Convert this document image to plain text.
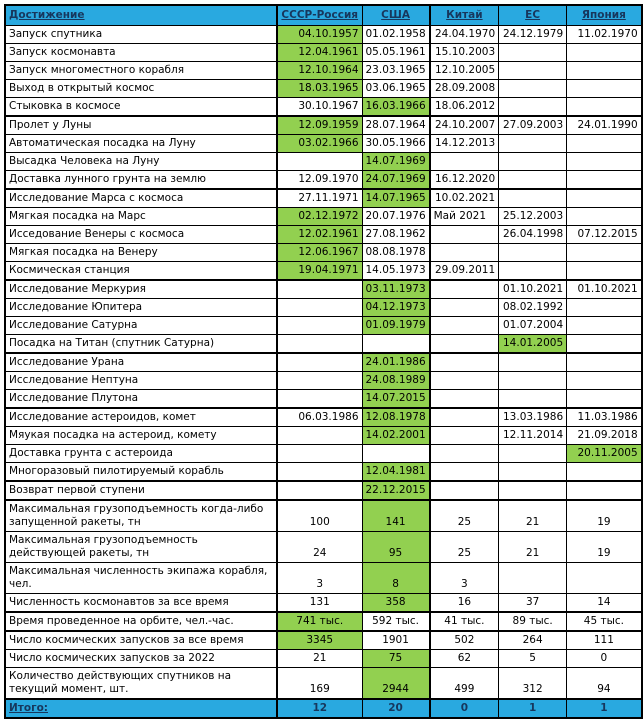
Достижение	СССР-Россия	США	Китай	ЕС	Япония
Запуск спутника	04.10.1957	01.02.1958	24.04.1970	24.12.1979	11.02.1970
Запуск космонавта	12.04.1961	05.05.1961	15.10.2003		
Запуск многоместного корабля	12.10.1964	23.03.1965	12.10.2005		
Выход в открытый космос	18.03.1965	03.06.1965	28.09.2008		
Стыковка в космосе	30.10.1967	16.03.1966	18.06.2012		
Пролет у Луны	12.09.1959	28.07.1964	24.10.2007	27.09.2003	24.01.1990
Автоматическая посадка на Луну	03.02.1966	30.05.1966	14.12.2013		
Высадка Человека на Луну		14.07.1969			
Доставка лунного грунта на землю	12.09.1970	24.07.1969	16.12.2020		
Исследование Марса с космоса	27.11.1971	14.07.1965	10.02.2021		
Мягкая посадка на Марс	02.12.1972	20.07.1976	Май 2021	25.12.2003	
Исседование Венеры с космоса	12.02.1961	27.08.1962		26.04.1998	07.12.2015
Мягкая посадка на Венеру	12.06.1967	08.08.1978			
Космическая станция	19.04.1971	14.05.1973	29.09.2011		
Исследование Меркурия		03.11.1973		01.10.2021	01.10.2021
Исследование Юпитера		04.12.1973		08.02.1992	
Исследование Сатурна		01.09.1979		01.07.2004	
Посадка на Титан (спутник Сатурна)				14.01.2005	
Исследование Урана		24.01.1986			
Исследование Нептуна		24.08.1989			
Исследование Плутона		14.07.2015			
Исследование астероидов, комет	06.03.1986	12.08.1978		13.03.1986	11.03.1986
Мяукая посадка на астероид, комету		14.02.2001		12.11.2014	21.09.2018
Доставка грунта с астероида					20.11.2005
Многоразовый пилотируемый корабль		12.04.1981			
Возврат первой ступени		22.12.2015			
Максимальная грузоподъемность когда-либо запущенной ракеты, тн	100	141	25	21	19
Максимальная грузоподъемность действующей ракеты, тн	24	95	25	21	19
Максимальная численность экипажа корабля, чел.	3	8	3		
Численность космонавтов за все время	131	358	16	37	14
Время проведенное на орбите, чел.-час.	741 тыс.	592 тыс.	41 тыс.	89 тыс.	45 тыс.
Число космических запусков за все время	3345	1901	502	264	111
Число космических запусков за 2022	21	75	62	5	0
Количество действующих спутников на текущий момент, шт.	169	2944	499	312	94
Итого:	12	20	0	1	1
